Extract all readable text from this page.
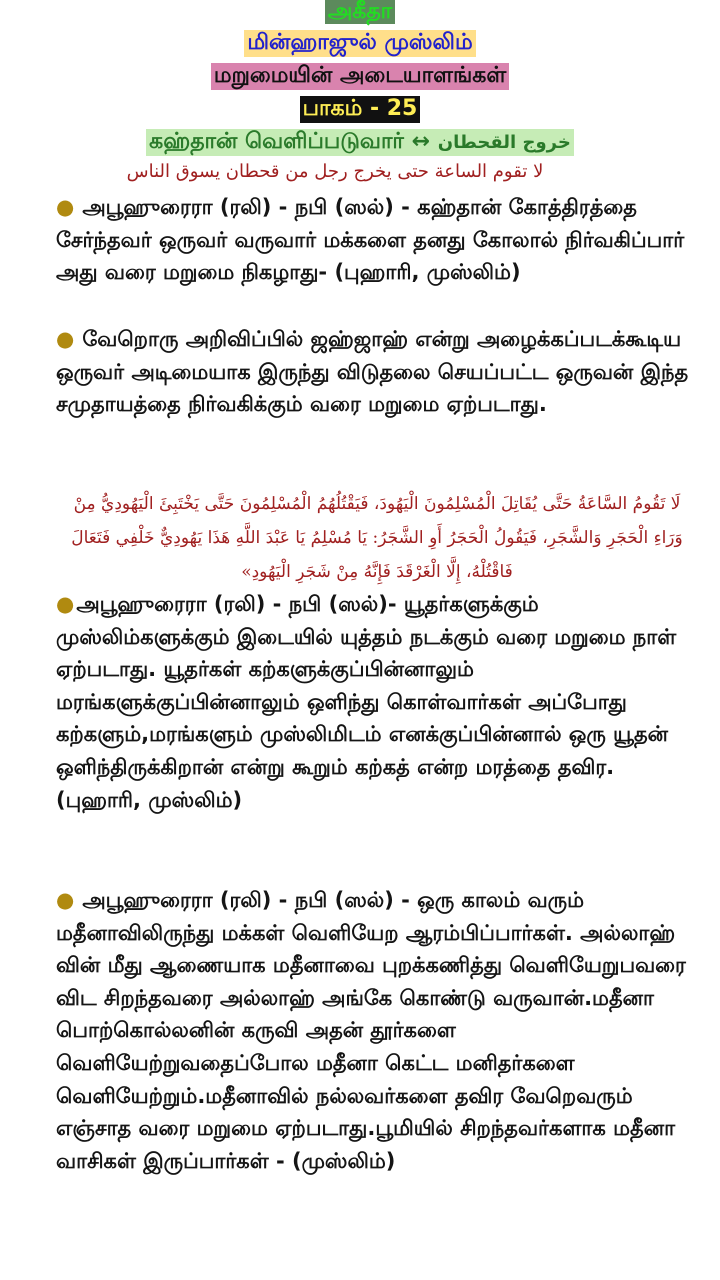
அகீதா
மின்ஹாஜுல் முஸ்லிம்
மறுமையின் அடையாளங்கள்
பாகம் - 25
கஹ்தான் வெளிப்படுவார் ↔ خروج القحطان
لا تقوم الساعة حتى يخرج رجل من قحطان يسوق الناس
● அபூஹுரைரா (ரலி) - நபி (ஸல்) - கஹ்தான் கோத்திரத்தை சேர்ந்தவர் ஒருவர் வருவார் மக்களை தனது கோலால் நிர்வகிப்பார் அது வரை மறுமை நிகழாது- (புஹாரி, முஸ்லிம்)
● வேறொரு அறிவிப்பில் ஜஹ்ஜாஹ் என்று அழைக்கப்படக்கூடிய ஒருவர் அடிமையாக இருந்து விடுதலை செயப்பட்ட ஒருவன் இந்த சமுதாயத்தை நிர்வகிக்கும் வரை மறுமை ஏற்படாது.
لَا تَقُومُ السَّاعَةُ حَتَّى يُقَاتِلَ الْمُسْلِمُونَ الْيَهُودَ، فَيَقْتُلُهُمُ الْمُسْلِمُونَ حَتَّى يَخْتَبِئَ الْيَهُودِيُّ مِنْ وَرَاءِ الْحَجَرِ وَالشَّجَرِ، فَيَقُولُ الْحَجَرُ أَوِ الشَّجَرُ: يَا مُسْلِمُ يَا عَبْدَ اللَّهِ هَذَا يَهُودِيٌّ خَلْفِي فَتَعَالَ فَاقْتُلْهُ، إِلَّا الْغَرْقَدَ فَإِنَّهُ مِنْ شَجَرِ الْيَهُودِ»
●அபூஹுரைரா (ரலி) - நபி (ஸல்)- யூதர்களுக்கும் முஸ்லிம்களுக்கும் இடையில் யுத்தம் நடக்கும் வரை மறுமை நாள் ஏற்படாது. யூதர்கள் கற்களுக்குப்பின்னாலும் மரங்களுக்குப்பின்னாலும் ஒளிந்து கொள்வார்கள் அப்போது கற்களும்,மரங்களும் முஸ்லிமிடம் எனக்குப்பின்னால் ஒரு யூதன் ஒளிந்திருக்கிறான் என்று கூறும் கற்கத் என்ற மரத்தை தவிர. (புஹாரி, முஸ்லிம்)
● அபூஹுரைரா (ரலி) - நபி (ஸல்) - ஒரு காலம் வரும் மதீனாவிலிருந்து மக்கள் வெளியேற ஆரம்பிப்பார்கள். அல்லாஹ் வின் மீது ஆணையாக மதீனாவை புறக்கணித்து வெளியேறுபவரை விட சிறந்தவரை அல்லாஹ் அங்கே கொண்டு வருவான்.மதீனா பொற்கொல்லனின் கருவி அதன் தூர்களை வெளியேற்றுவதைப்போல மதீனா கெட்ட மனிதர்களை வெளியேற்றும்.மதீனாவில் நல்லவர்களை தவிர வேறெவரும் எஞ்சாத வரை மறுமை ஏற்படாது.பூமியில் சிறந்தவர்களாக மதீனா வாசிகள் இருப்பார்கள் - (முஸ்லிம்)
